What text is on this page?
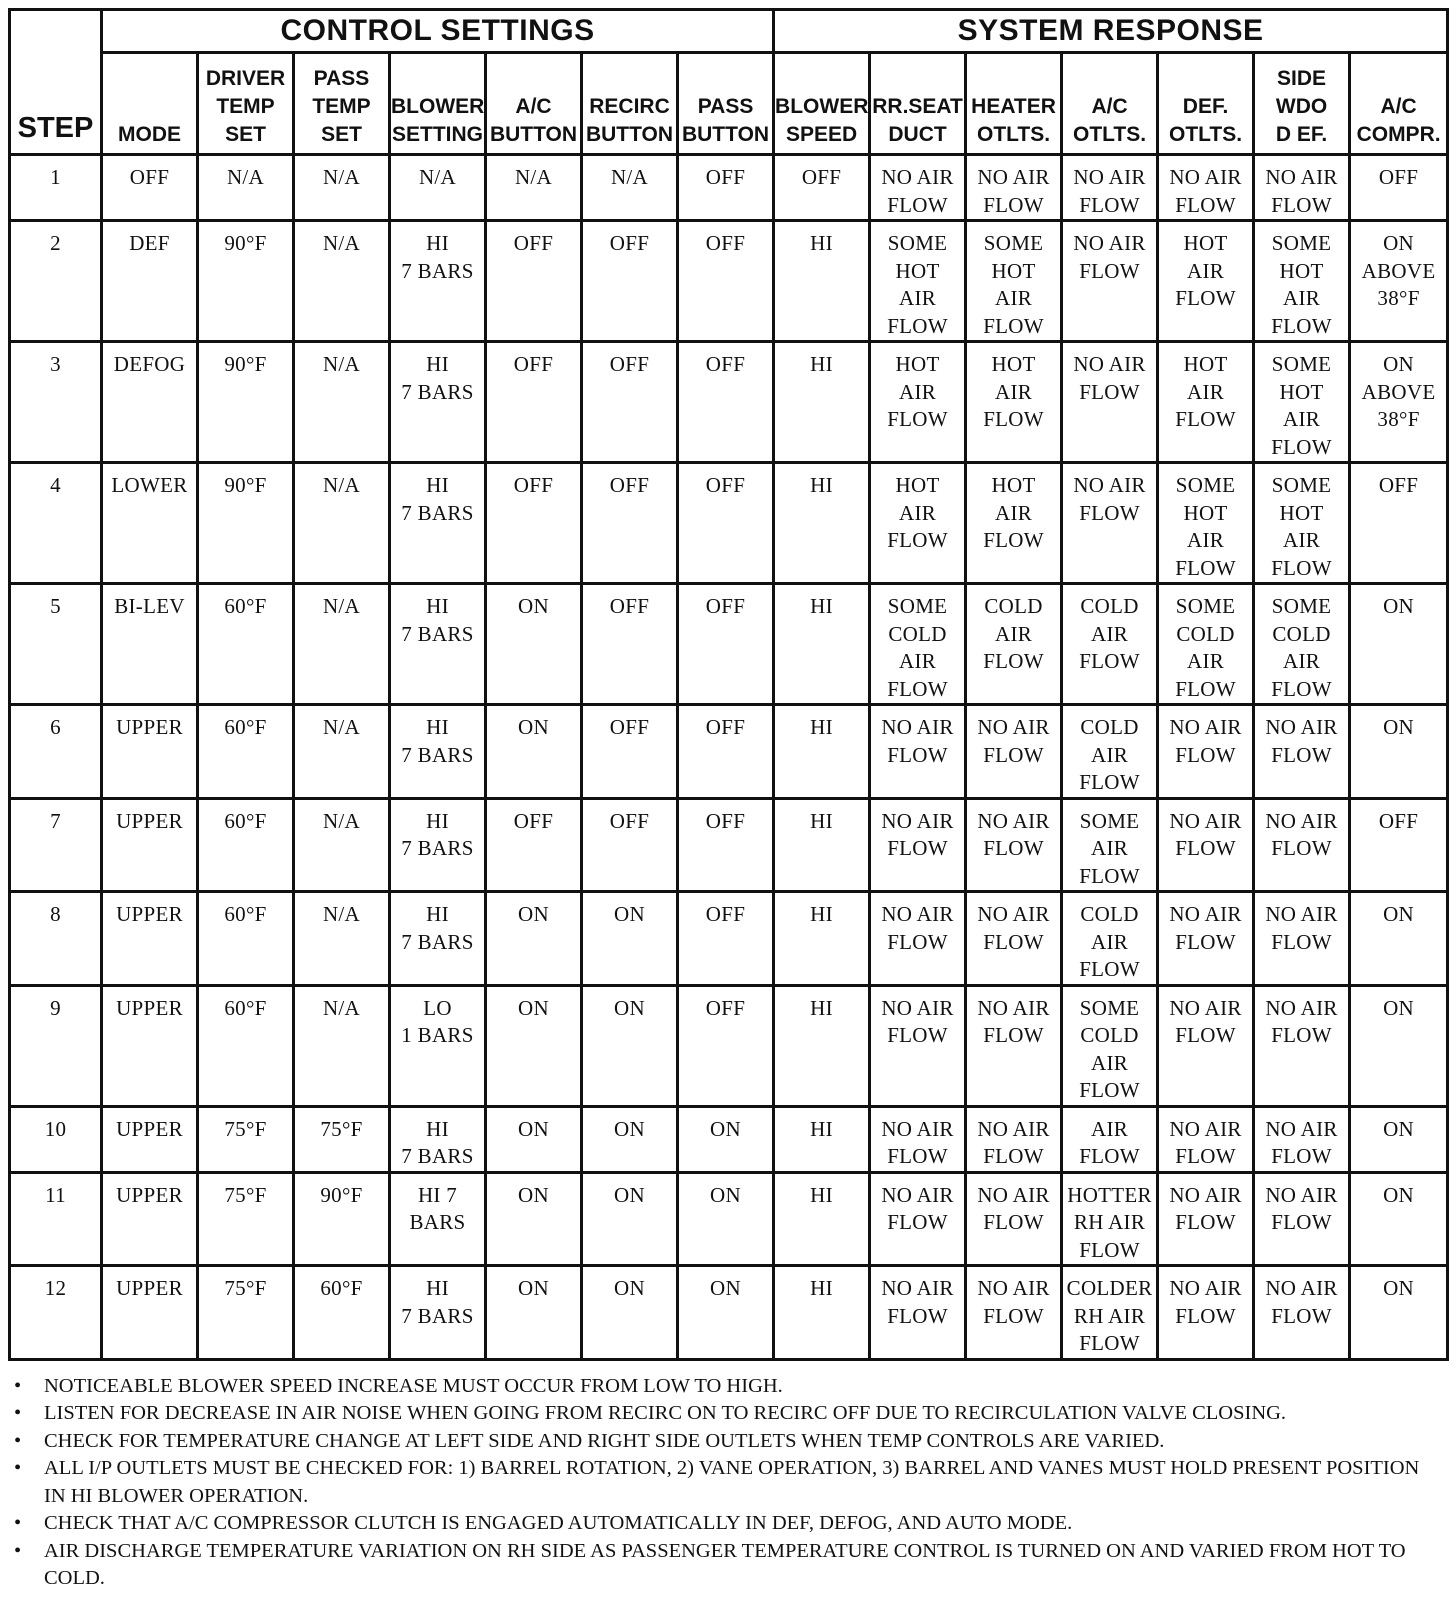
STEP	CONTROL SETTINGS							SYSTEM RESPONSE						

	MODE	DRIVER
TEMP
SET	PASS
TEMP
SET	BLOWER
SETTING	A/C
BUTTON	RECIRC
BUTTON	PASS
BUTTON	BLOWER
SPEED	RR.SEAT
DUCT	HEATER
OTLTS.	A/C
OTLTS.	DEF.
OTLTS.	SIDE
WDO
D EF.	A/C
COMPR.

1	OFF	N/A	N/A	N/A	N/A	N/A	OFF	OFF	NO AIR
FLOW	NO AIR
FLOW	NO AIR
FLOW	NO AIR
FLOW	NO AIR
FLOW	OFF
2	DEF	90°F	N/A	HI
7 BARS	OFF	OFF	OFF	HI	SOME
HOT
AIR
FLOW	SOME
HOT
AIR
FLOW	NO AIR
FLOW	HOT
AIR
FLOW	SOME
HOT
AIR
FLOW	ON
ABOVE
38°F
3	DEFOG	90°F	N/A	HI
7 BARS	OFF	OFF	OFF	HI	HOT
AIR
FLOW	HOT
AIR
FLOW	NO AIR
FLOW	HOT
AIR
FLOW	SOME
HOT
AIR
FLOW	ON
ABOVE
38°F
4	LOWER	90°F	N/A	HI
7 BARS	OFF	OFF	OFF	HI	HOT
AIR
FLOW	HOT
AIR
FLOW	NO AIR
FLOW	SOME
HOT
AIR
FLOW	SOME
HOT
AIR
FLOW	OFF
5	BI-LEV	60°F	N/A	HI
7 BARS	ON	OFF	OFF	HI	SOME
COLD
AIR
FLOW	COLD
AIR
FLOW	COLD
AIR
FLOW	SOME
COLD
AIR
FLOW	SOME
COLD
AIR
FLOW	ON
6	UPPER	60°F	N/A	HI
7 BARS	ON	OFF	OFF	HI	NO AIR
FLOW	NO AIR
FLOW	COLD
AIR
FLOW	NO AIR
FLOW	NO AIR
FLOW	ON
7	UPPER	60°F	N/A	HI
7 BARS	OFF	OFF	OFF	HI	NO AIR
FLOW	NO AIR
FLOW	SOME
AIR
FLOW	NO AIR
FLOW	NO AIR
FLOW	OFF
8	UPPER	60°F	N/A	HI
7 BARS	ON	ON	OFF	HI	NO AIR
FLOW	NO AIR
FLOW	COLD
AIR
FLOW	NO AIR
FLOW	NO AIR
FLOW	ON
9	UPPER	60°F	N/A	LO
1 BARS	ON	ON	OFF	HI	NO AIR
FLOW	NO AIR
FLOW	SOME
COLD
AIR
FLOW	NO AIR
FLOW	NO AIR
FLOW	ON
10	UPPER	75°F	75°F	HI
7 BARS	ON	ON	ON	HI	NO AIR
FLOW	NO AIR
FLOW	AIR
FLOW	NO AIR
FLOW	NO AIR
FLOW	ON
11	UPPER	75°F	90°F	HI 7
BARS	ON	ON	ON	HI	NO AIR
FLOW	NO AIR
FLOW	HOTTER
RH AIR
FLOW	NO AIR
FLOW	NO AIR
FLOW	ON
12	UPPER	75°F	60°F	HI
7 BARS	ON	ON	ON	HI	NO AIR
FLOW	NO AIR
FLOW	COLDER
RH AIR
FLOW	NO AIR
FLOW	NO AIR
FLOW	ON
• NOTICEABLE BLOWER SPEED INCREASE MUST OCCUR FROM LOW TO HIGH.
• LISTEN FOR DECREASE IN AIR NOISE WHEN GOING FROM RECIRC ON TO RECIRC OFF DUE TO RECIRCULATION VALVE CLOSING.
• CHECK FOR TEMPERATURE CHANGE AT LEFT SIDE AND RIGHT SIDE OUTLETS WHEN TEMP CONTROLS ARE VARIED.
• ALL I/P OUTLETS MUST BE CHECKED FOR: 1) BARREL ROTATION, 2) VANE OPERATION, 3) BARREL AND VANES MUST HOLD PRESENT POSITION IN HI BLOWER OPERATION.
• CHECK THAT A/C COMPRESSOR CLUTCH IS ENGAGED AUTOMATICALLY IN DEF, DEFOG, AND AUTO MODE.
• AIR DISCHARGE TEMPERATURE VARIATION ON RH SIDE AS PASSENGER TEMPERATURE CONTROL IS TURNED ON AND VARIED FROM HOT TO COLD.
